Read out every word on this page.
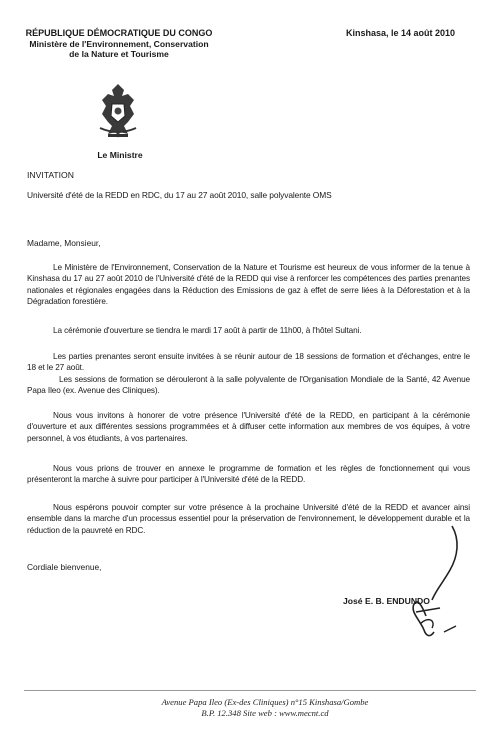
RÉPUBLIQUE DÉMOCRATIQUE DU CONGO
Ministère de l'Environnement, Conservation
de la Nature et Tourisme
Kinshasa, le 14 août 2010
Le Ministre
INVITATION
Université d'été de la REDD en RDC, du 17 au 27 août 2010, salle polyvalente OMS
Madame, Monsieur,
Le Ministère de l'Environnement, Conservation de la Nature et Tourisme est heureux de vous informer de la tenue à Kinshasa du 17 au 27 août 2010 de l'Université d'été de la REDD qui vise à renforcer les compétences des parties prenantes nationales et régionales engagées dans la Réduction des Emissions de gaz à effet de serre liées à la Déforestation et à la Dégradation forestière.
La cérémonie d'ouverture se tiendra le mardi 17 août à partir de 11h00, à l'hôtel Sultani.
Les parties prenantes seront ensuite invitées à se réunir autour de 18 sessions de formation et d'échanges, entre le 18 et le 27 août.
Les sessions de formation se dérouleront à la salle polyvalente de l'Organisation Mondiale de la Santé, 42 Avenue Papa Ileo (ex. Avenue des Cliniques).
Nous vous invitons à honorer de votre présence l'Université d'été de la REDD, en participant à la cérémonie d'ouverture et aux différentes sessions programmées et à diffuser cette information aux membres de vos équipes, à votre personnel, à vos étudiants, à vos partenaires.
Nous vous prions de trouver en annexe le programme de formation et les règles de fonctionnement qui vous présenteront la marche à suivre pour participer à l'Université d'été de la REDD.
Nous espérons pouvoir compter sur votre présence à la prochaine Université d'été de la REDD et avancer ainsi ensemble dans la marche d'un processus essentiel pour la préservation de l'environnement, le développement durable et la réduction de la pauvreté en RDC.
Cordiale bienvenue,
José E. B. ENDUNDO
Avenue Papa Ileo (Ex-des Cliniques) n°15 Kinshasa/Gombe
B.P. 12.348 Site web : www.mecnt.cd
